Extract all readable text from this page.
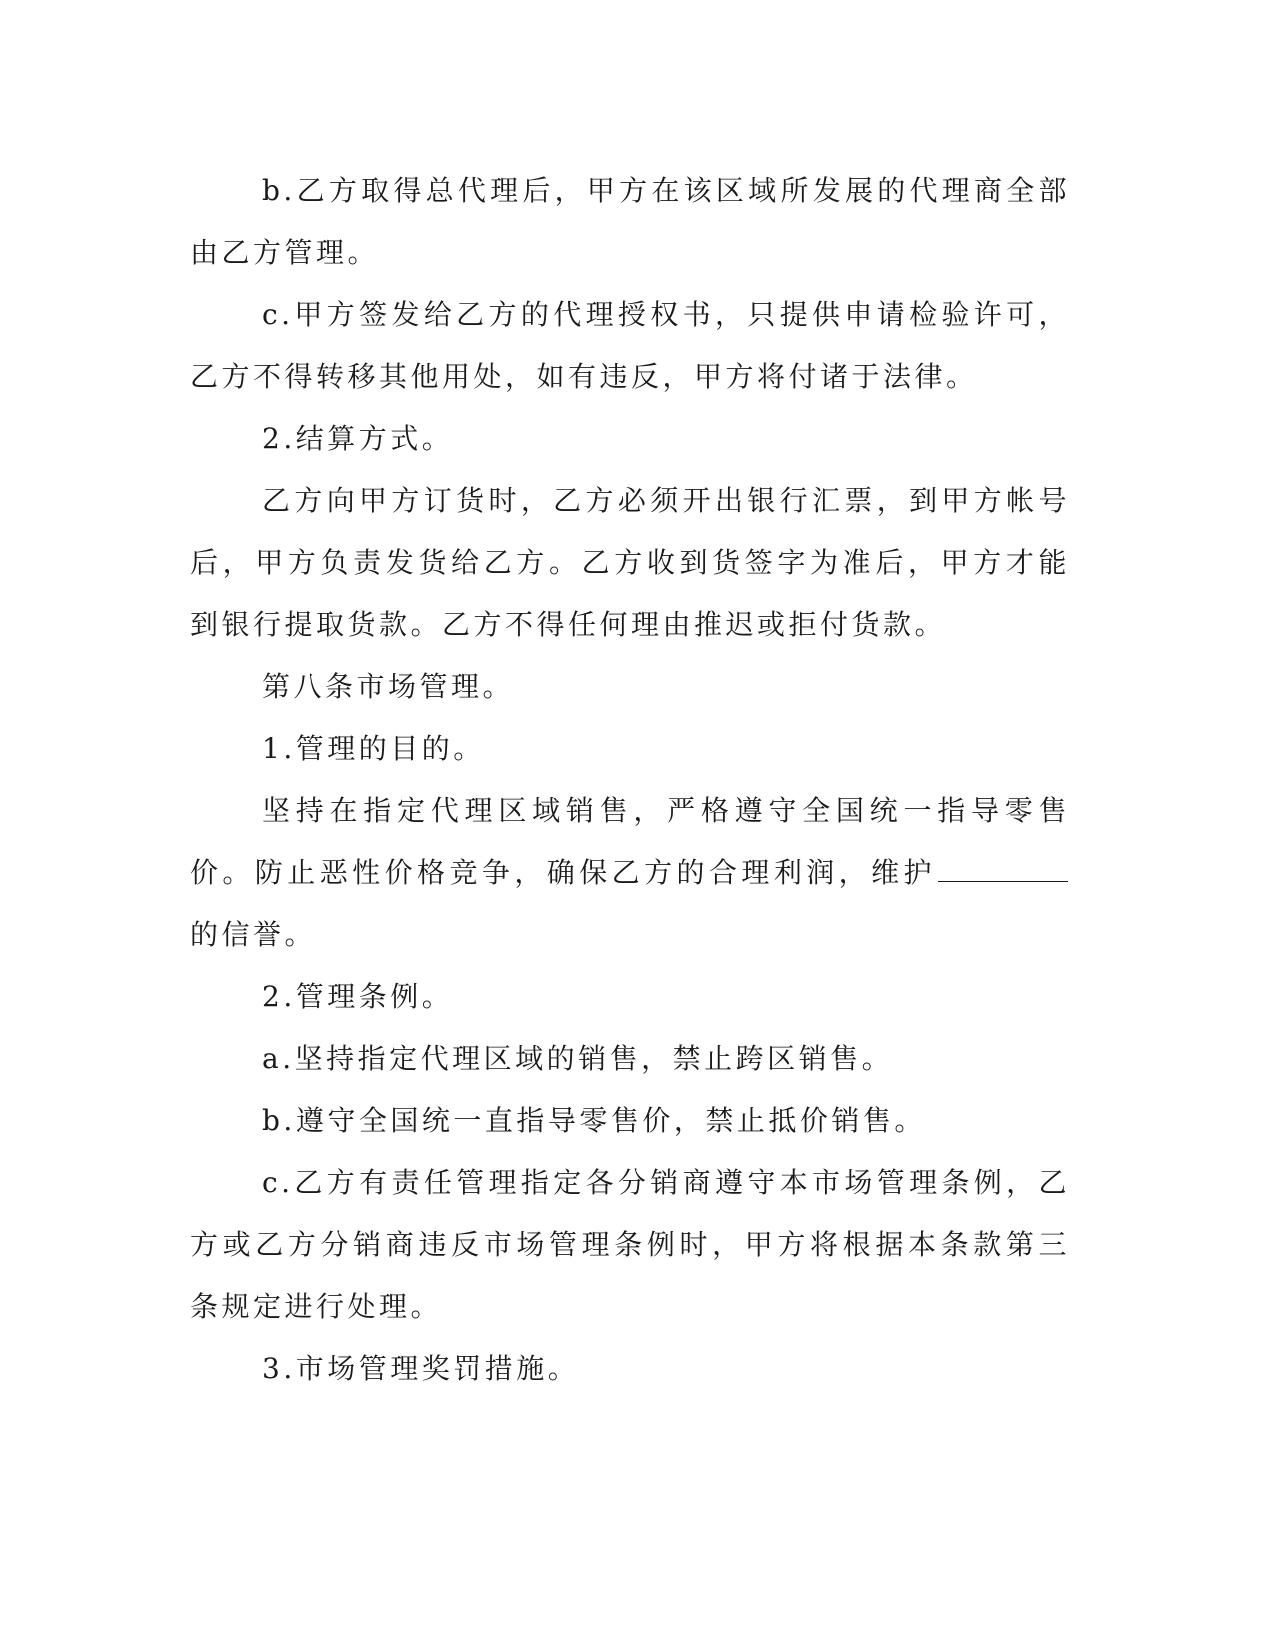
b.乙方取得总代理后，甲方在该区域所发展的代理商全部由乙方管理。

c.甲方签发给乙方的代理授权书，只提供申请检验许可，乙方不得转移其他用处，如有违反，甲方将付诸于法律。

2.结算方式。

乙方向甲方订货时，乙方必须开出银行汇票，到甲方帐号后，甲方负责发货给乙方。乙方收到货签字为准后，甲方才能到银行提取货款。乙方不得任何理由推迟或拒付货款。

第八条市场管理。

1.管理的目的。

坚持在指定代理区域销售，严格遵守全国统一指导零售价。防止恶性价格竞争，确保乙方的合理利润，维护的信誉。

2.管理条例。

a.坚持指定代理区域的销售，禁止跨区销售。

b.遵守全国统一直指导零售价，禁止抵价销售。

c.乙方有责任管理指定各分销商遵守本市场管理条例，乙方或乙方分销商违反市场管理条例时，甲方将根据本条款第三条规定进行处理。

3.市场管理奖罚措施。
